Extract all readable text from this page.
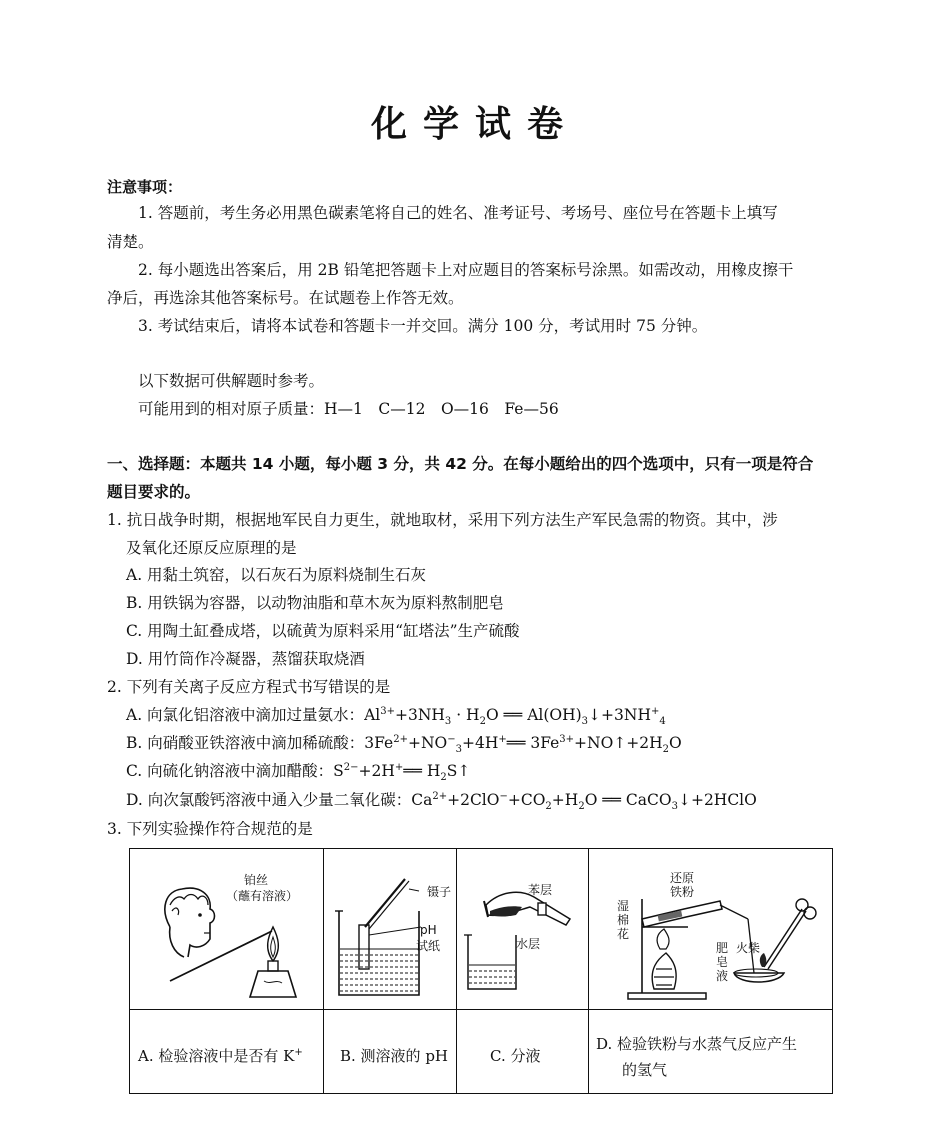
化学试卷
注意事项：
1. 答题前，考生务必用黑色碳素笔将自己的姓名、准考证号、考场号、座位号在答题卡上填写
清楚。
2. 每小题选出答案后，用 2B 铅笔把答题卡上对应题目的答案标号涂黑。如需改动，用橡皮擦干
净后，再选涂其他答案标号。在试题卷上作答无效。
3. 考试结束后，请将本试卷和答题卡一并交回。满分 100 分，考试用时 75 分钟。
以下数据可供解题时参考。
可能用到的相对原子质量：H—1　C—12　O—16　Fe—56
一、选择题：本题共 14 小题，每小题 3 分，共 42 分。在每小题给出的四个选项中，只有一项是符合
题目要求的。
1. 抗日战争时期，根据地军民自力更生，就地取材，采用下列方法生产军民急需的物资。其中，涉
及氧化还原反应原理的是
A. 用黏土筑窑，以石灰石为原料烧制生石灰
B. 用铁锅为容器，以动物油脂和草木灰为原料熬制肥皂
C. 用陶土缸叠成塔，以硫黄为原料采用“缸塔法”生产硫酸
D. 用竹筒作冷凝器，蒸馏获取烧酒
2. 下列有关离子反应方程式书写错误的是
A. 向氯化铝溶液中滴加过量氨水：$Al^{3+}+3NH_3 \cdot H_2O$ ══ $Al(OH)_3↓+3NH^+_4$
B. 向硝酸亚铁溶液中滴加稀硫酸：$3Fe^{2+}+NO^-_3+4H^+══$ $3Fe^{3+}+NO↑+2H_2O$
C. 向硫化钠溶液中滴加醋酸：$S^{2-}+2H^+══$ $H_2S↑$
D. 向次氯酸钙溶液中通入少量二氧化碳：$Ca^{2+}+2ClO^-+CO_2+H_2O$ ══ CaCO$_3$↓+2HClO
3. 下列实验操作符合规范的是
铂丝
（蘸有溶液）	镊子
pH
试纸
苯层
水层
还原
铁粉
湿
棉
花
肥
皂
液
火柴
A. 检验溶液中是否有 K+ B. 测溶液的 pH	C. 分液
D. 检验铁粉与水蒸气反应产生
的氢气
